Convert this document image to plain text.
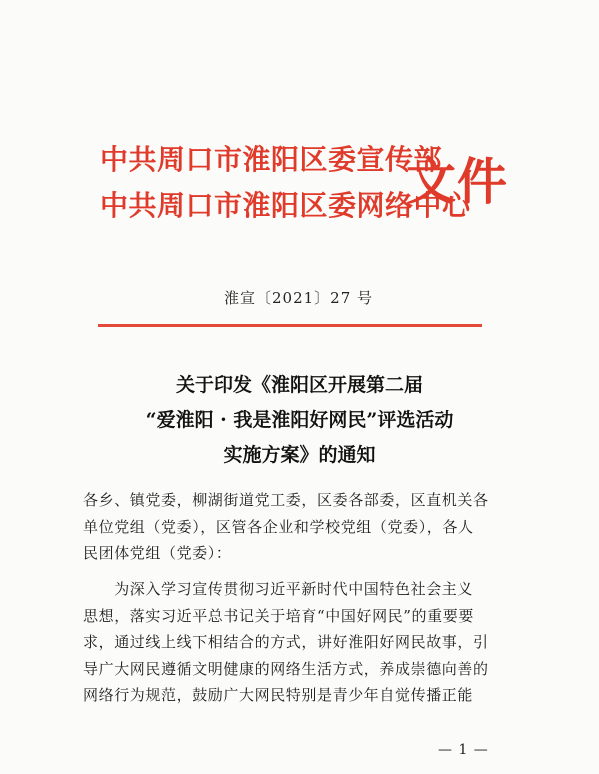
中共周口市淮阳区委宣传部
中共周口市淮阳区委网络中心
文件
淮宣〔2021〕27 号
关于印发《淮阳区开展第二届
“爱淮阳 · 我是淮阳好网民”评选活动
实施方案》的通知
各乡、镇党委，柳湖街道党工委，区委各部委，区直机关各
单位党组（党委），区管各企业和学校党组（党委），各人
民团体党组（党委）：
　　为深入学习宣传贯彻习近平新时代中国特色社会主义
思想，落实习近平总书记关于培育“中国好网民”的重要要
求，通过线上线下相结合的方式，讲好淮阳好网民故事，引
导广大网民遵循文明健康的网络生活方式，养成崇德向善的
网络行为规范，鼓励广大网民特别是青少年自觉传播正能
— 1 —
